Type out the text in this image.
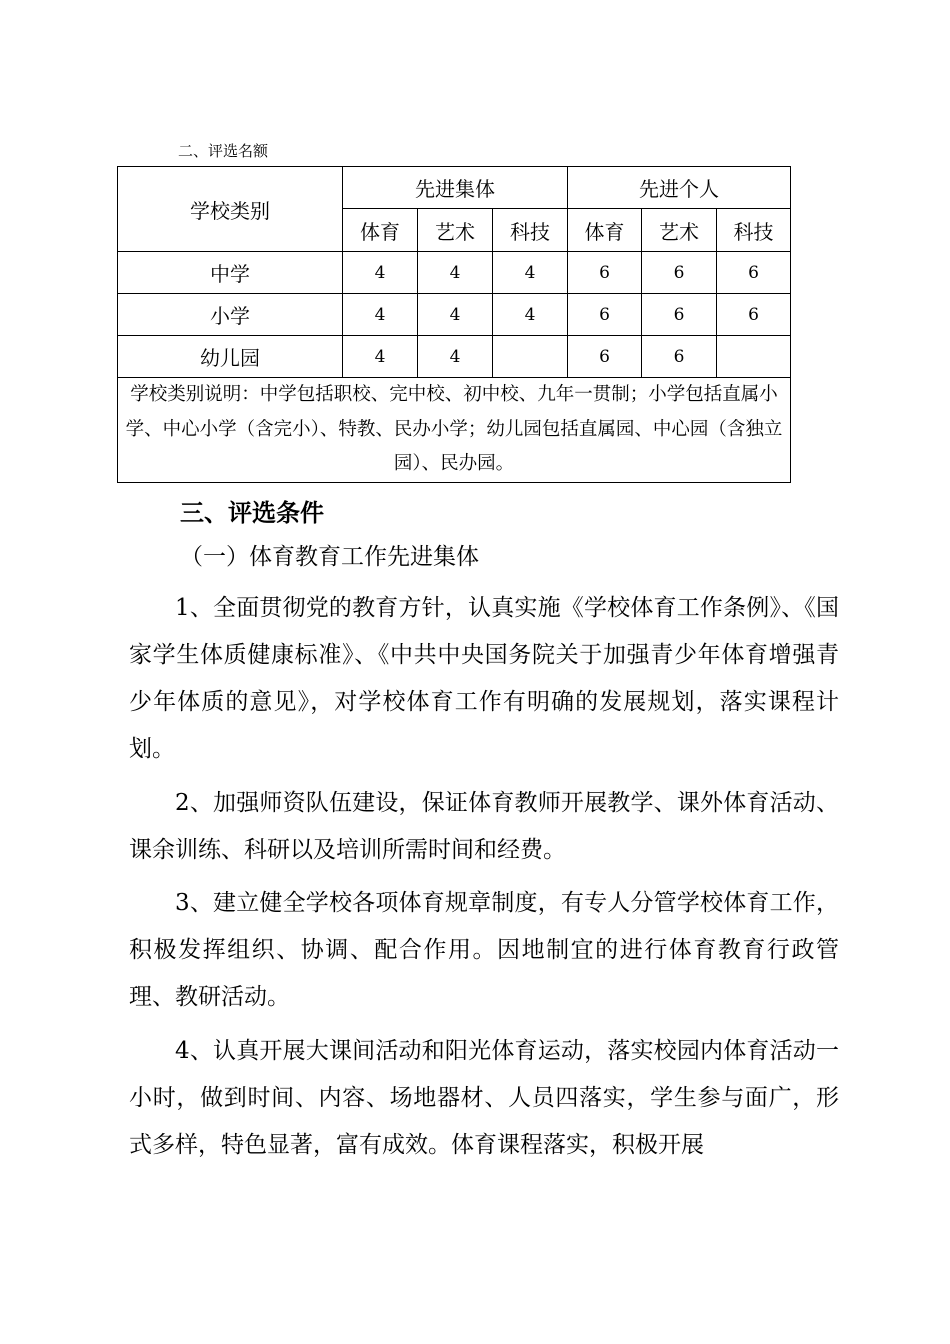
二、评选名额
学校类别	先进集体			先进个人		
	体育	艺术	科技	体育	艺术	科技
中学	4	4	4	6	6	6
小学	4	4	4	6	6	6
幼儿园	4	4		6	6	
学校类别说明：中学包括职校、完中校、初中校、九年一贯制；小学包括直属小学、中心小学（含完小）、特教、民办小学；幼儿园包括直属园、中心园（含独立园）、民办园。						
三、评选条件
（一）体育教育工作先进集体

1、全面贯彻党的教育方针，认真实施《学校体育工作条例》、《国家学生体质健康标准》、《中共中央国务院关于加强青少年体育增强青少年体质的意见》，对学校体育工作有明确的发展规划，落实课程计划。

2、加强师资队伍建设，保证体育教师开展教学、课外体育活动、课余训练、科研以及培训所需时间和经费。

3、建立健全学校各项体育规章制度，有专人分管学校体育工作，积极发挥组织、协调、配合作用。因地制宜的进行体育教育行政管理、教研活动。

4、认真开展大课间活动和阳光体育运动，落实校园内体育活动一小时，做到时间、内容、场地器材、人员四落实，学生参与面广，形式多样，特色显著，富有成效。体育课程落实，积极开展
